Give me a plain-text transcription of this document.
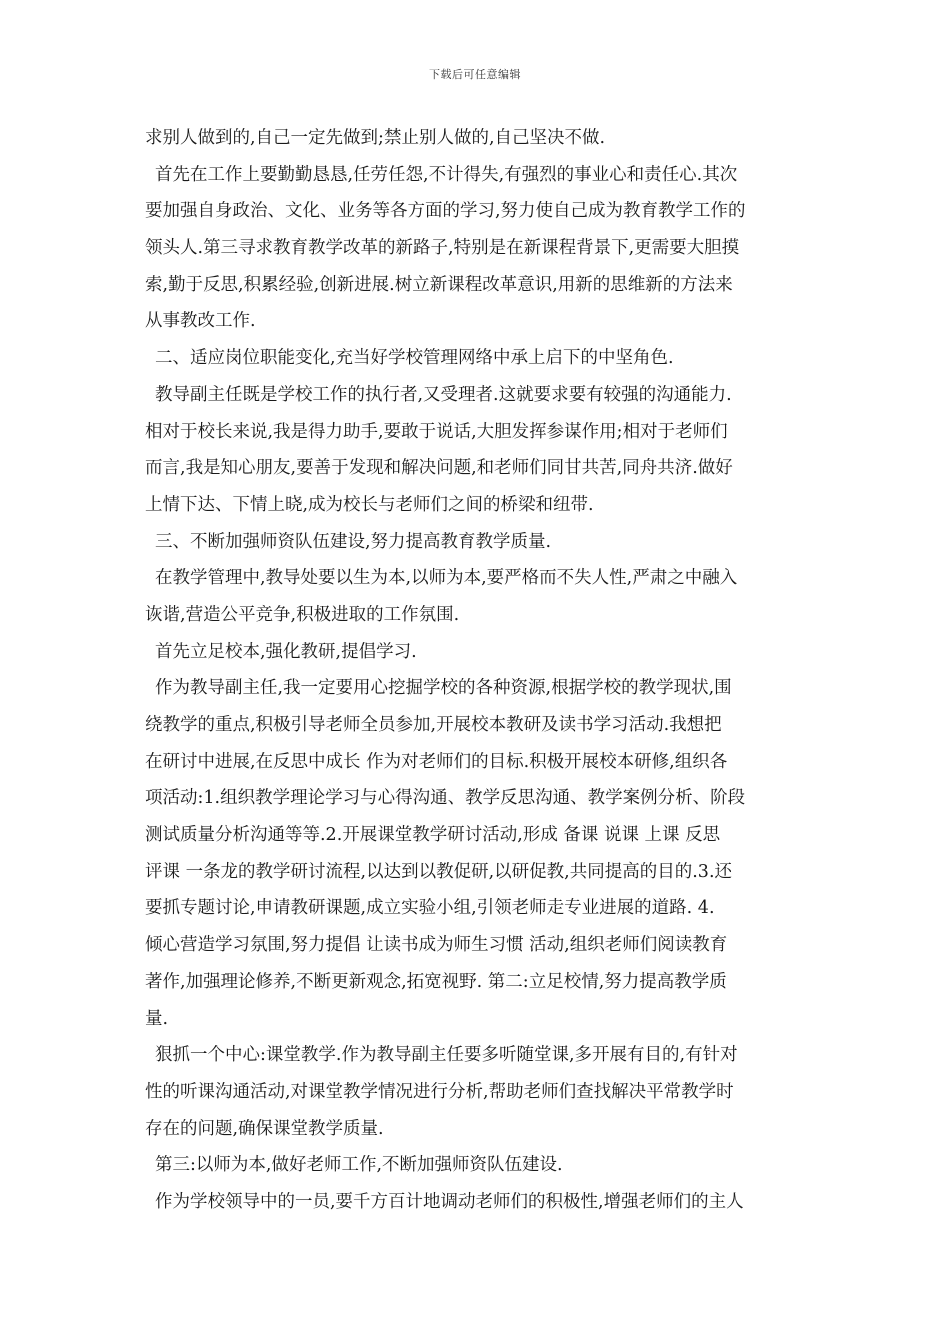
下载后可任意编辑
求别人做到的,自己一定先做到;禁止别人做的,自己坚决不做.
首先在工作上要勤勤恳恳,任劳任怨,不计得失,有强烈的事业心和责任心.其次
要加强自身政治、文化、业务等各方面的学习,努力使自己成为教育教学工作的
领头人.第三寻求教育教学改革的新路子,特别是在新课程背景下,更需要大胆摸
索,勤于反思,积累经验,创新进展.树立新课程改革意识,用新的思维新的方法来
从事教改工作.
二、适应岗位职能变化,充当好学校管理网络中承上启下的中坚角色.
教导副主任既是学校工作的执行者,又受理者.这就要求要有较强的沟通能力.
相对于校长来说,我是得力助手,要敢于说话,大胆发挥参谋作用;相对于老师们
而言,我是知心朋友,要善于发现和解决问题,和老师们同甘共苦,同舟共济.做好
上情下达、下情上晓,成为校长与老师们之间的桥梁和纽带.
三、不断加强师资队伍建设,努力提高教育教学质量.
在教学管理中,教导处要以生为本,以师为本,要严格而不失人性,严肃之中融入
诙谐,营造公平竞争,积极进取的工作氛围.
首先立足校本,强化教研,提倡学习.
作为教导副主任,我一定要用心挖掘学校的各种资源,根据学校的教学现状,围
绕教学的重点,积极引导老师全员参加,开展校本教研及读书学习活动.我想把
在研讨中进展,在反思中成长 作为对老师们的目标.积极开展校本研修,组织各
项活动:1.组织教学理论学习与心得沟通、教学反思沟通、教学案例分析、阶段
测试质量分析沟通等等.2.开展课堂教学研讨活动,形成 备课 说课 上课 反思
评课 一条龙的教学研讨流程,以达到以教促研,以研促教,共同提高的目的.3.还
要抓专题讨论,申请教研课题,成立实验小组,引领老师走专业进展的道路. 4.
倾心营造学习氛围,努力提倡 让读书成为师生习惯 活动,组织老师们阅读教育
著作,加强理论修养,不断更新观念,拓宽视野. 第二:立足校情,努力提高教学质
量.
狠抓一个中心:课堂教学.作为教导副主任要多听随堂课,多开展有目的,有针对
性的听课沟通活动,对课堂教学情况进行分析,帮助老师们查找解决平常教学时
存在的问题,确保课堂教学质量.
第三:以师为本,做好老师工作,不断加强师资队伍建设.
作为学校领导中的一员,要千方百计地调动老师们的积极性,增强老师们的主人
